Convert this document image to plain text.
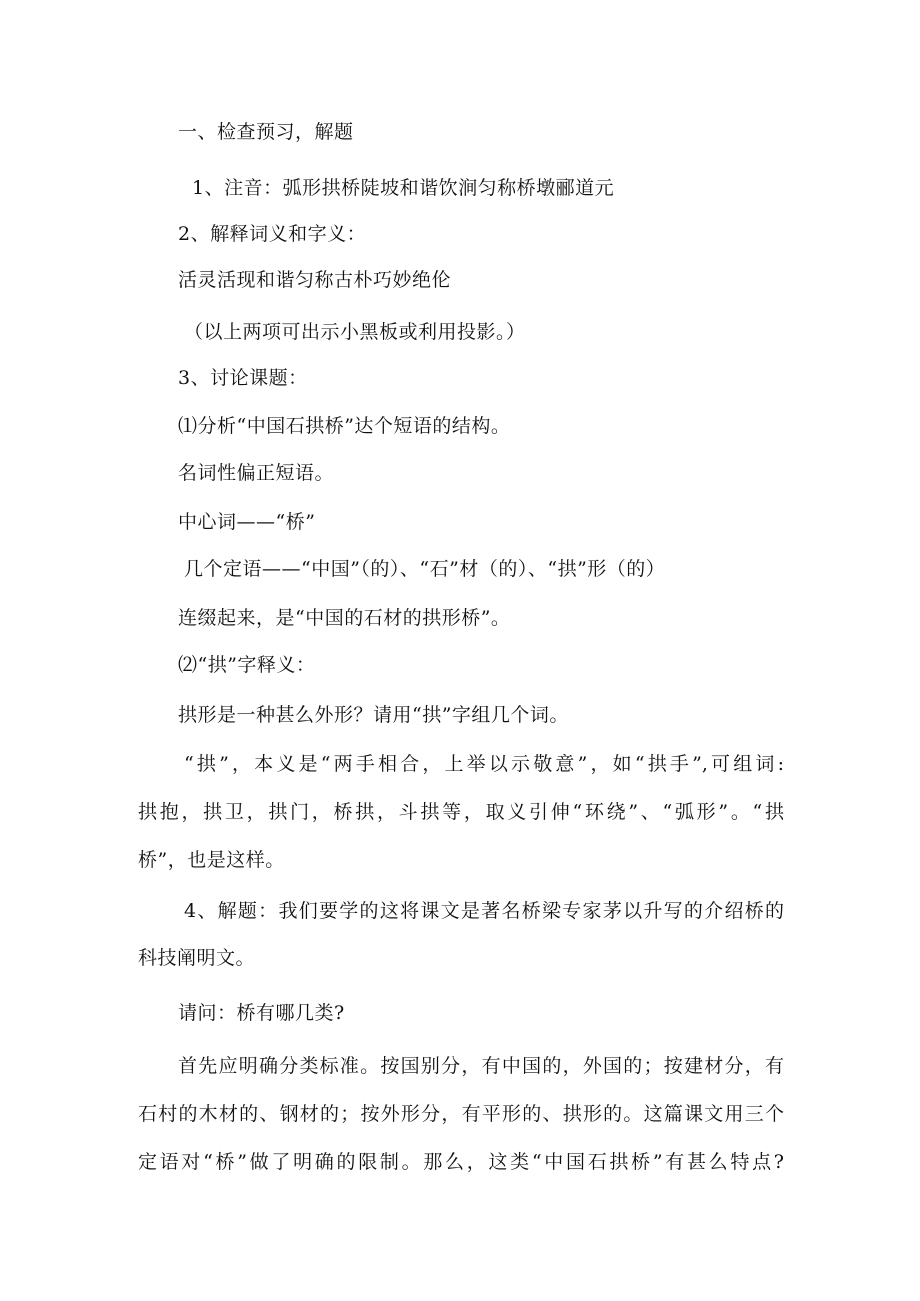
一、检查预习，解题
1、注音：弧形拱桥陡坡和谐饮涧匀称桥墩郦道元
2、解释词义和字义：
活灵活现和谐匀称古朴巧妙绝伦
（以上两项可出示小黑板或利用投影。）
3、讨论课题：
⑴分析“中国石拱桥”达个短语的结构。
名词性偏正短语。
中心词——“桥”
几个定语——“中国”（的）、“石”材（的）、“拱”形（的）
连缀起来，是“中国的石材的拱形桥”。
⑵“拱”字释义：
拱形是一种甚么外形？请用“拱”字组几个词。
“拱”，本义是“两手相合，上举以示敬意”，如“拱手”,可组词:
拱抱，拱卫，拱门，桥拱，斗拱等，取义引伸“环绕”、“弧形”。“拱
桥”，也是这样。
4、解题：我们要学的这将课文是著名桥梁专家茅以升写的介绍桥的
科技阐明文。
请问：桥有哪几类?
首先应明确分类标准。按国别分，有中国的，外国的；按建材分，有
石村的木材的、钢材的；按外形分，有平形的、拱形的。这篇课文用三个
定语对“桥”做了明确的限制。那么，这类“中国石拱桥”有甚么特点?
